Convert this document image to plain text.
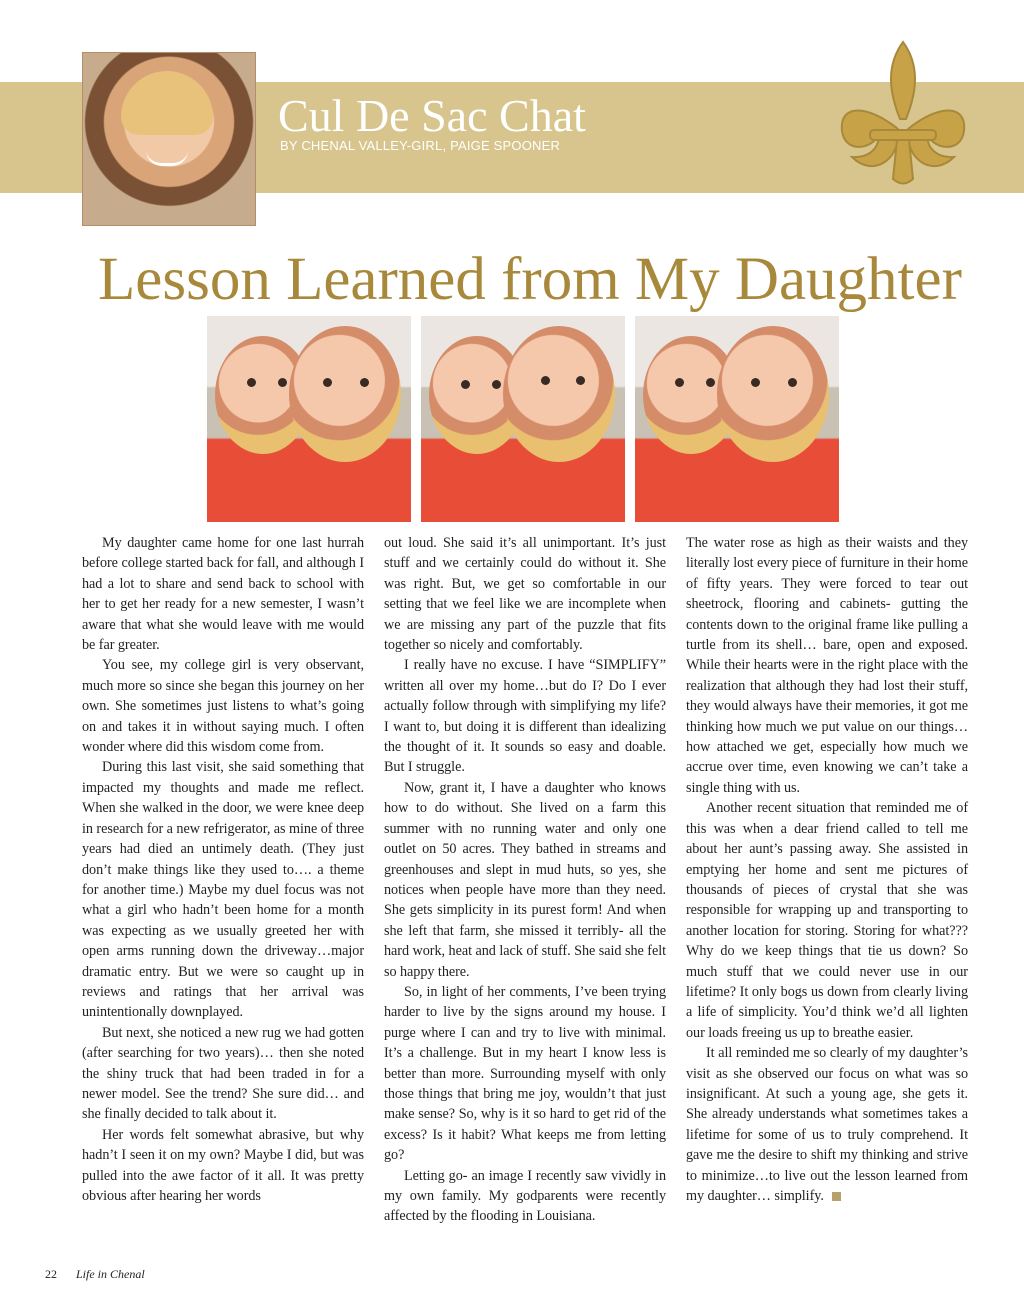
Cul De Sac Chat
BY CHENAL VALLEY-GIRL, PAIGE SPOONER
Lesson Learned from My Daughter

My daughter came home for one last hurrah before college started back for fall, and although I had a lot to share and send back to school with her to get her ready for a new semester, I wasn’t aware that what she would leave with me would be far greater.

You see, my college girl is very observant, much more so since she began this journey on her own. She sometimes just listens to what’s going on and takes it in without saying much. I often wonder where did this wisdom come from.

During this last visit, she said something that impacted my thoughts and made me reflect. When she walked in the door, we were knee deep in research for a new refrigerator, as mine of three years had died an untimely death. (They just don’t make things like they used to…. a theme for another time.) Maybe my duel focus was not what a girl who hadn’t been home for a month was expecting as we usually greeted her with open arms running down the driveway…major dramatic entry. But we were so caught up in reviews and ratings that her arrival was unintentionally downplayed.

But next, she noticed a new rug we had gotten (after searching for two years)… then she noted the shiny truck that had been traded in for a newer model. See the trend? She sure did… and she finally decided to talk about it.

Her words felt somewhat abrasive, but why hadn’t I seen it on my own? Maybe I did, but was pulled into the awe factor of it all. It was pretty obvious after hearing her words

out loud. She said it’s all unimportant. It’s just stuff and we certainly could do without it. She was right. But, we get so comfortable in our setting that we feel like we are incomplete when we are missing any part of the puzzle that fits together so nicely and comfortably.

I really have no excuse. I have “SIMPLIFY” written all over my home…but do I? Do I ever actually follow through with simplifying my life? I want to, but doing it is different than idealizing the thought of it. It sounds so easy and doable. But I struggle.

Now, grant it, I have a daughter who knows how to do without. She lived on a farm this summer with no running water and only one outlet on 50 acres. They bathed in streams and greenhouses and slept in mud huts, so yes, she notices when people have more than they need. She gets simplicity in its purest form! And when she left that farm, she missed it terribly- all the hard work, heat and lack of stuff. She said she felt so happy there.

So, in light of her comments, I’ve been trying harder to live by the signs around my house. I purge where I can and try to live with minimal. It’s a challenge. But in my heart I know less is better than more. Surrounding myself with only those things that bring me joy, wouldn’t that just make sense? So, why is it so hard to get rid of the excess? Is it habit? What keeps me from letting go?

Letting go- an image I recently saw vividly in my own family. My godparents were recently affected by the flooding in Louisiana.

The water rose as high as their waists and they literally lost every piece of furniture in their home of fifty years. They were forced to tear out sheetrock, flooring and cabinets- gutting the contents down to the original frame like pulling a turtle from its shell… bare, open and exposed. While their hearts were in the right place with the realization that although they had lost their stuff, they would always have their memories, it got me thinking how much we put value on our things…how attached we get, especially how much we accrue over time, even knowing we can’t take a single thing with us.

Another recent situation that reminded me of this was when a dear friend called to tell me about her aunt’s passing away. She assisted in emptying her home and sent me pictures of thousands of pieces of crystal that she was responsible for wrapping up and transporting to another location for storing. Storing for what??? Why do we keep things that tie us down? So much stuff that we could never use in our lifetime? It only bogs us down from clearly living a life of simplicity. You’d think we’d all lighten our loads freeing us up to breathe easier.

It all reminded me so clearly of my daughter’s visit as she observed our focus on what was so insignificant. At such a young age, she gets it. She already understands what sometimes takes a lifetime for some of us to truly comprehend. It gave me the desire to shift my thinking and strive to minimize…to live out the lesson learned from my daughter… simplify.

22 Life in Chenal
